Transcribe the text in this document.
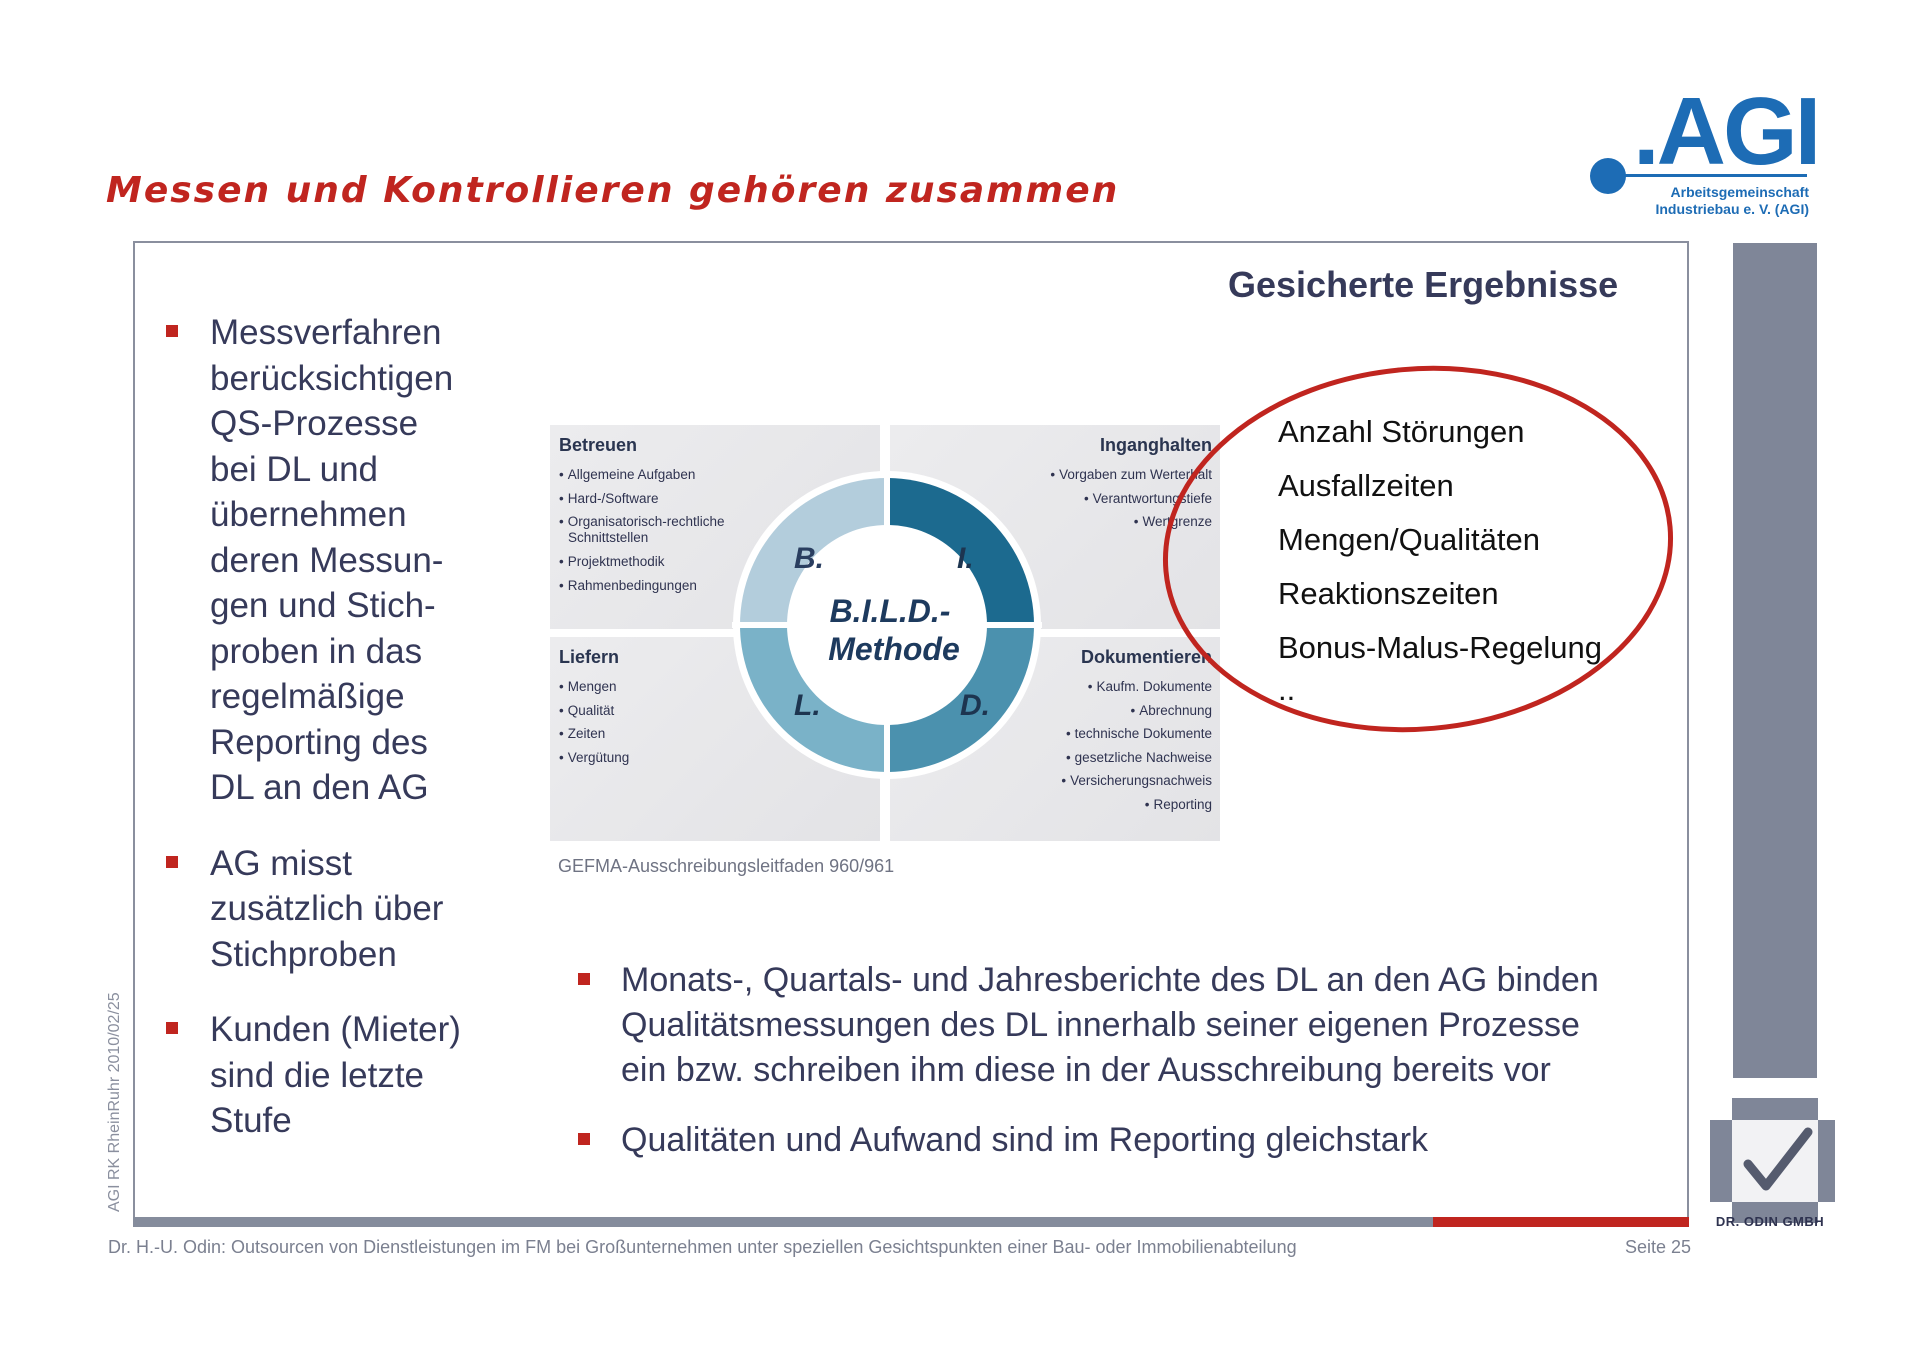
Messen und Kontrollieren gehören zusammen
.AGI
Arbeitsgemeinschaft
Industriebau e. V. (AGI)
AGI RK RheinRuhr 2010/02/25
Messverfahren
berücksichtigen
QS-Prozesse
bei DL und
übernehmen
deren Messun-
gen und Stich-
proben in das
regelmäßige
Reporting des
DL an den AG
AG misst
zusätzlich über
Stichproben
Kunden (Mieter)
sind die letzte
Stufe
Gesicherte Ergebnisse
Betreuen
• Allgemeine Aufgaben
• Hard-/Software
• Organisatorisch-rechtliche
Schnittstellen
• Projektmethodik
• Rahmenbedingungen
Inganghalten
• Vorgaben zum Werterhalt
• Verantwortungstiefe
• Wertgrenze
Liefern
• Mengen
• Qualität
• Zeiten
• Vergütung
Dokumentieren
• Kaufm. Dokumente
• Abrechnung
• technische Dokumente
• gesetzliche Nachweise
• Versicherungsnachweis
• Reporting
B.	I.
L.	D.
B.I.L.D.-
Methode
GEFMA-Ausschreibungsleitfaden 960/961
Anzahl Störungen
Ausfallzeiten
Mengen/Qualitäten
Reaktionszeiten
Bonus-Malus-Regelung
..
Monats-, Quartals- und Jahresberichte des DL an den AG binden
Qualitätsmessungen des DL innerhalb seiner eigenen Prozesse
ein bzw. schreiben ihm diese in der Ausschreibung bereits vor
Qualitäten und Aufwand sind im Reporting gleichstark
DR. ODIN GMBH
Dr. H.-U. Odin: Outsourcen von Dienstleistungen im FM bei Großunternehmen unter speziellen Gesichtspunkten einer Bau- oder Immobilienabteilung	Seite 25
